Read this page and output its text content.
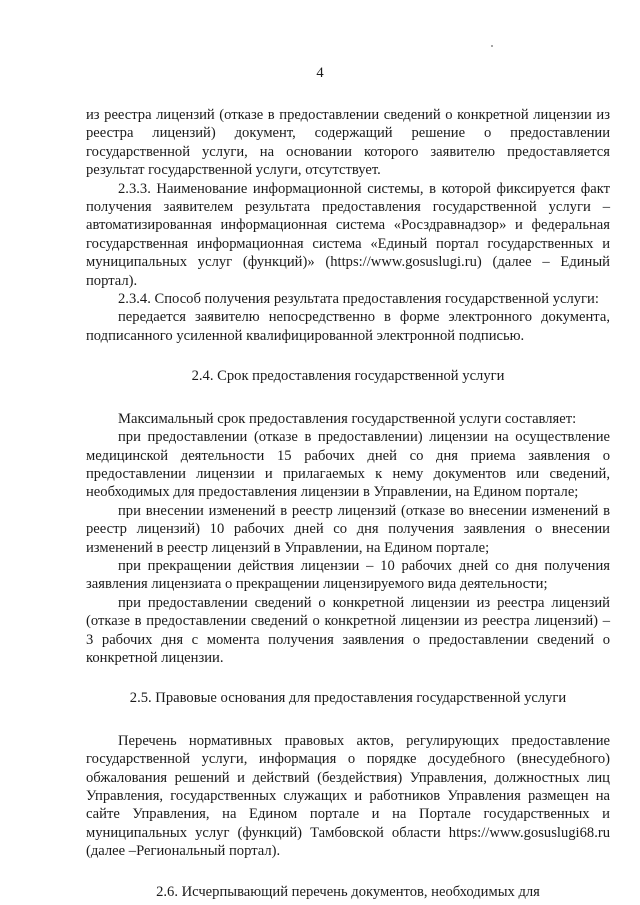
4

из реестра лицензий (отказе в предоставлении сведений о конкретной лицензии из реестра лицензий) документ, содержащий решение о предоставлении государственной услуги, на основании которого заявителю предоставляется результат государственной услуги, отсутствует.

2.3.3. Наименование информационной системы, в которой фиксируется факт получения заявителем результата предоставления государственной услуги – автоматизированная информационная система «Росздравнадзор» и федеральная государственная информационная система «Единый портал государственных и муниципальных услуг (функций)» (https://www.gosuslugi.ru) (далее – Единый портал).

2.3.4. Способ получения результата предоставления государственной услуги:

передается заявителю непосредственно в форме электронного документа, подписанного усиленной квалифицированной электронной подписью.

2.4. Срок предоставления государственной услуги

Максимальный срок предоставления государственной услуги составляет:

при предоставлении (отказе в предоставлении) лицензии на осуществление медицинской деятельности 15 рабочих дней со дня приема заявления о предоставлении лицензии и прилагаемых к нему документов или сведений, необходимых для предоставления лицензии в Управлении, на Едином портале;

при внесении изменений в реестр лицензий (отказе во внесении изменений в реестр лицензий) 10 рабочих дней со дня получения заявления о внесении изменений в реестр лицензий в Управлении, на Едином портале;

при прекращении действия лицензии – 10 рабочих дней со дня получения заявления лицензиата о прекращении лицензируемого вида деятельности;

при предоставлении сведений о конкретной лицензии из реестра лицензий (отказе в предоставлении сведений о конкретной лицензии из реестра лицензий) – 3 рабочих дня с момента получения заявления о предоставлении сведений о конкретной лицензии.

2.5. Правовые основания для предоставления государственной услуги

Перечень нормативных правовых актов, регулирующих предоставление государственной услуги, информация о порядке досудебного (внесудебного) обжалования решений и действий (бездействия) Управления, должностных лиц Управления, государственных служащих и работников Управления размещен на сайте Управления, на Едином портале и на Портале государственных и муниципальных услуг (функций) Тамбовской области https://www.gosuslugi68.ru (далее –Региональный портал).

2.6. Исчерпывающий перечень документов, необходимых для
